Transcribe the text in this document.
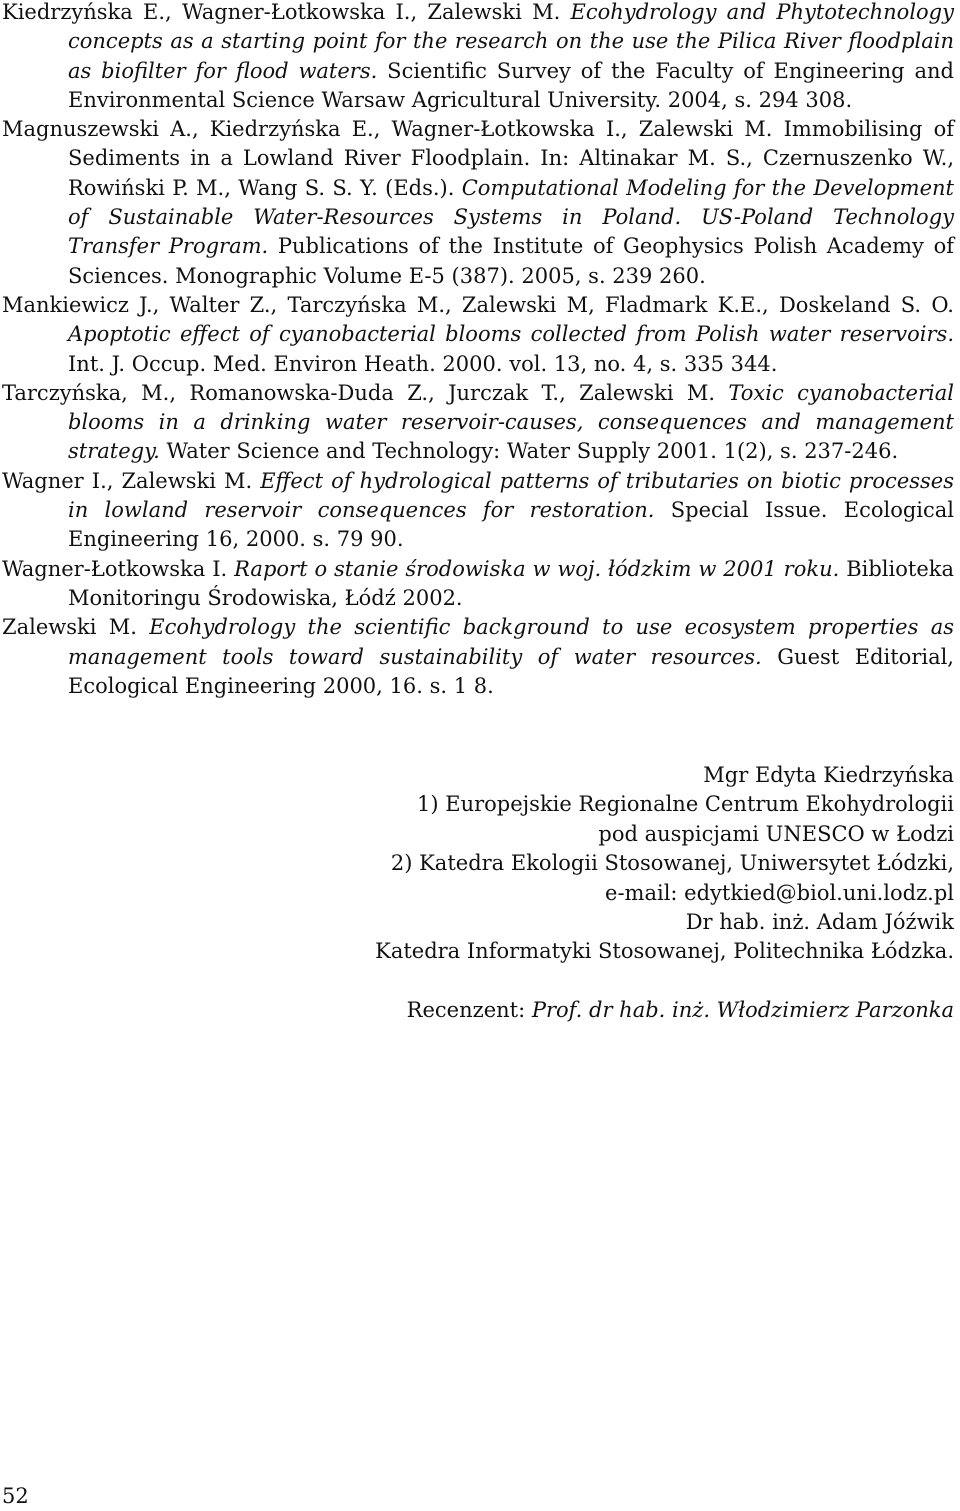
Kiedrzyńska E., Wagner-Łotkowska I., Zalewski M. Ecohydrology and Phytotechnology concepts as a starting point for the research on the use the Pilica River floodplain as biofilter for flood waters. Scientific Survey of the Faculty of Engineering and Environmental Science Warsaw Agricultural University. 2004, s. 294 308.

Magnuszewski A., Kiedrzyńska E., Wagner-Łotkowska I., Zalewski M. Immobilising of Sediments in a Lowland River Floodplain. In: Altinakar M. S., Czernuszenko W., Rowiński P. M., Wang S. S. Y. (Eds.). Computational Modeling for the Development of Sustainable Water-Resources Systems in Poland. US-Poland Technology Transfer Program. Publications of the Institute of Geophysics Polish Academy of Sciences. Monographic Volume E-5 (387). 2005, s. 239 260.

Mankiewicz J., Walter Z., Tarczyńska M., Zalewski M, Fladmark K.E., Doskeland S. O. Apoptotic effect of cyanobacterial blooms collected from Polish water reservoirs. Int. J. Occup. Med. Environ Heath. 2000. vol. 13, no. 4, s. 335 344.

Tarczyńska, M., Romanowska-Duda Z., Jurczak T., Zalewski M. Toxic cyanobacterial blooms in a drinking water reservoir-causes, consequences and management strategy. Water Science and Technology: Water Supply 2001. 1(2), s. 237-246.

Wagner I., Zalewski M. Effect of hydrological patterns of tributaries on biotic processes in lowland reservoir consequences for restoration. Special Issue. Ecological Engineering 16, 2000. s. 79 90.

Wagner-Łotkowska I. Raport o stanie środowiska w woj. łódzkim w 2001 roku. Biblioteka Monitoringu Środowiska, Łódź 2002.

Zalewski M. Ecohydrology the scientific background to use ecosystem properties as management tools toward sustainability of water resources. Guest Editorial, Ecological Engineering 2000, 16. s. 1 8.

Mgr Edyta Kiedrzyńska
1) Europejskie Regionalne Centrum Ekohydrologii
pod auspicjami UNESCO w Łodzi
2) Katedra Ekologii Stosowanej, Uniwersytet Łódzki,
e-mail: edytkied@biol.uni.lodz.pl
Dr hab. inż. Adam Jóźwik
Katedra Informatyki Stosowanej, Politechnika Łódzka.
Recenzent: Prof. dr hab. inż. Włodzimierz Parzonka
52
